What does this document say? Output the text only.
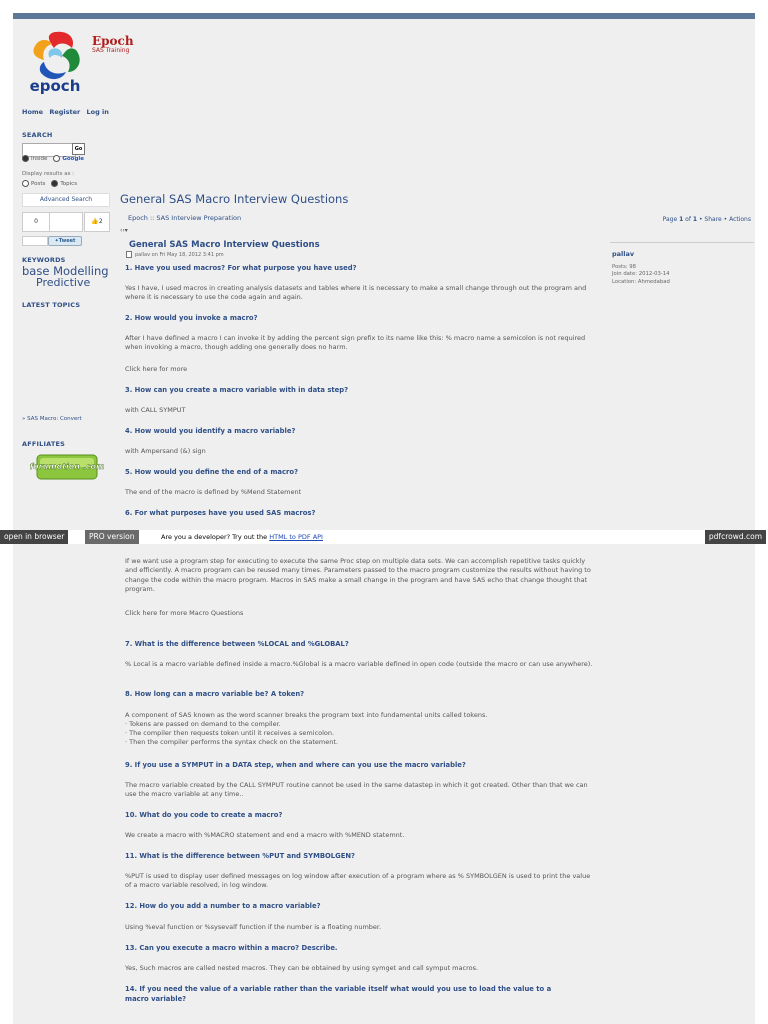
epoch
Epoch
SAS Training
Home Register Log in
SEARCH
Go
Inside	Google
Display results as :
Posts	Topics
Advanced Search
0	👍2
✦Tweet
KEYWORDS
base Modelling
Predictive
LATEST TOPICS
» SAS Macro: Convert
AFFILIATES
forumotion .com
General SAS Macro Interview Questions
Epoch :: SAS Interview Preparation	Page 1 of 1 • Share • Actions
‹›▾
General SAS Macro Interview Questions
pallav on Fri May 18, 2012 3:41 pm	pallav
Posts: 98
Join date: 2012-03-14
Location: Ahmedabad
1. Have you used macros? For what purpose you have used?
Yes I have, I used macros in creating analysis datasets and tables where it is necessary to make a small change through out the program and where it is necessary to use the code again and again.
2. How would you invoke a macro?
After I have defined a macro I can invoke it by adding the percent sign prefix to its name like this: % macro name a semicolon is not required when invoking a macro, though adding one generally does no harm.
Click here for more
3. How can you create a macro variable with in data step?
with CALL SYMPUT
4. How would you identify a macro variable?
with Ampersand (&) sign
5. How would you define the end of a macro?
The end of the macro is defined by %Mend Statement
6. For what purposes have you used SAS macros?
open in browser	PRO version	Are you a developer? Try out the HTML to PDF API	pdfcrowd.com
If we want use a program step for executing to execute the same Proc step on multiple data sets. We can accomplish repetitive tasks quickly and efficiently. A macro program can be reused many times. Parameters passed to the macro program customize the results without having to change the code within the macro program. Macros in SAS make a small change in the program and have SAS echo that change thought that program.
Click here for more Macro Questions
7. What is the difference between %LOCAL and %GLOBAL?
% Local is a macro variable defined inside a macro.%Global is a macro variable defined in open code (outside the macro or can use anywhere).
8. How long can a macro variable be? A token?
A component of SAS known as the word scanner breaks the program text into fundamental units called tokens.
· Tokens are passed on demand to the compiler.
· The compiler then requests token until it receives a semicolon.
· Then the compiler performs the syntax check on the statement.
9. If you use a SYMPUT in a DATA step, when and where can you use the macro variable?
The macro variable created by the CALL SYMPUT routine cannot be used in the same datastep in which it got created. Other than that we can use the macro variable at any time..
10. What do you code to create a macro?
We create a macro with %MACRO statement and end a macro with %MEND statemnt.
11. What is the difference between %PUT and SYMBOLGEN?
%PUT is used to display user defined messages on log window after execution of a program where as % SYMBOLGEN is used to print the value of a macro variable resolved, in log window.
12. How do you add a number to a macro variable?
Using %eval function or %sysevalf function if the number is a floating number.
13. Can you execute a macro within a macro? Describe.
Yes, Such macros are called nested macros. They can be obtained by using symget and call symput macros.
14. If you need the value of a variable rather than the variable itself what would you use to load the value to a
macro variable?
